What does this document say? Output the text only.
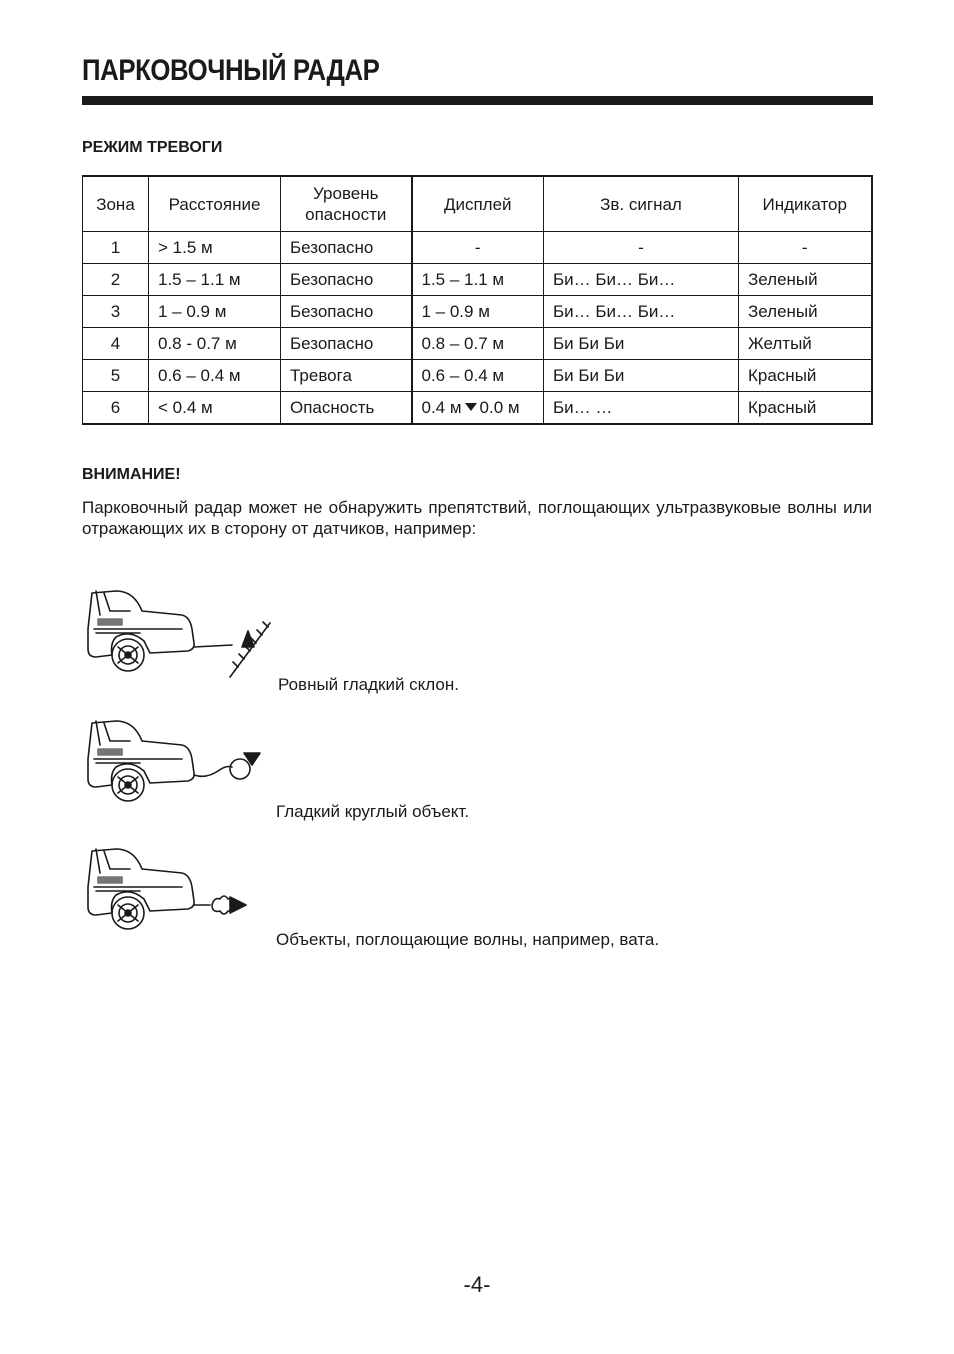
ПАРКОВОЧНЫЙ РАДАР
РЕЖИМ ТРЕВОГИ
Зона	Расстояние	Уровень опасности	Дисплей	Зв. сигнал	Индикатор
1	> 1.5 м	Безопасно	-	-	-
2	1.5 – 1.1 м	Безопасно	1.5 – 1.1 м	Би… Би… Би…	Зеленый
3	1 – 0.9 м	Безопасно	1 – 0.9 м	Би… Би… Би…	Зеленый
4	0.8 - 0.7 м	Безопасно	0.8 – 0.7 м	Би Би Би	Желтый
5	0.6 – 0.4 м	Тревога	0.6 – 0.4 м	Би Би Би	Красный
6	< 0.4 м	Опасность	0.4 м 0.0 м	Би… …	Красный
ВНИМАНИЕ!

Парковочный радар может не обнаружить препятствий, поглощающих ультразвуковые волны или отражающих их в сторону от датчиков, например:

Ровный гладкий склон.

Гладкий круглый объект.

Объекты, поглощающие волны, например, вата.

-4-
